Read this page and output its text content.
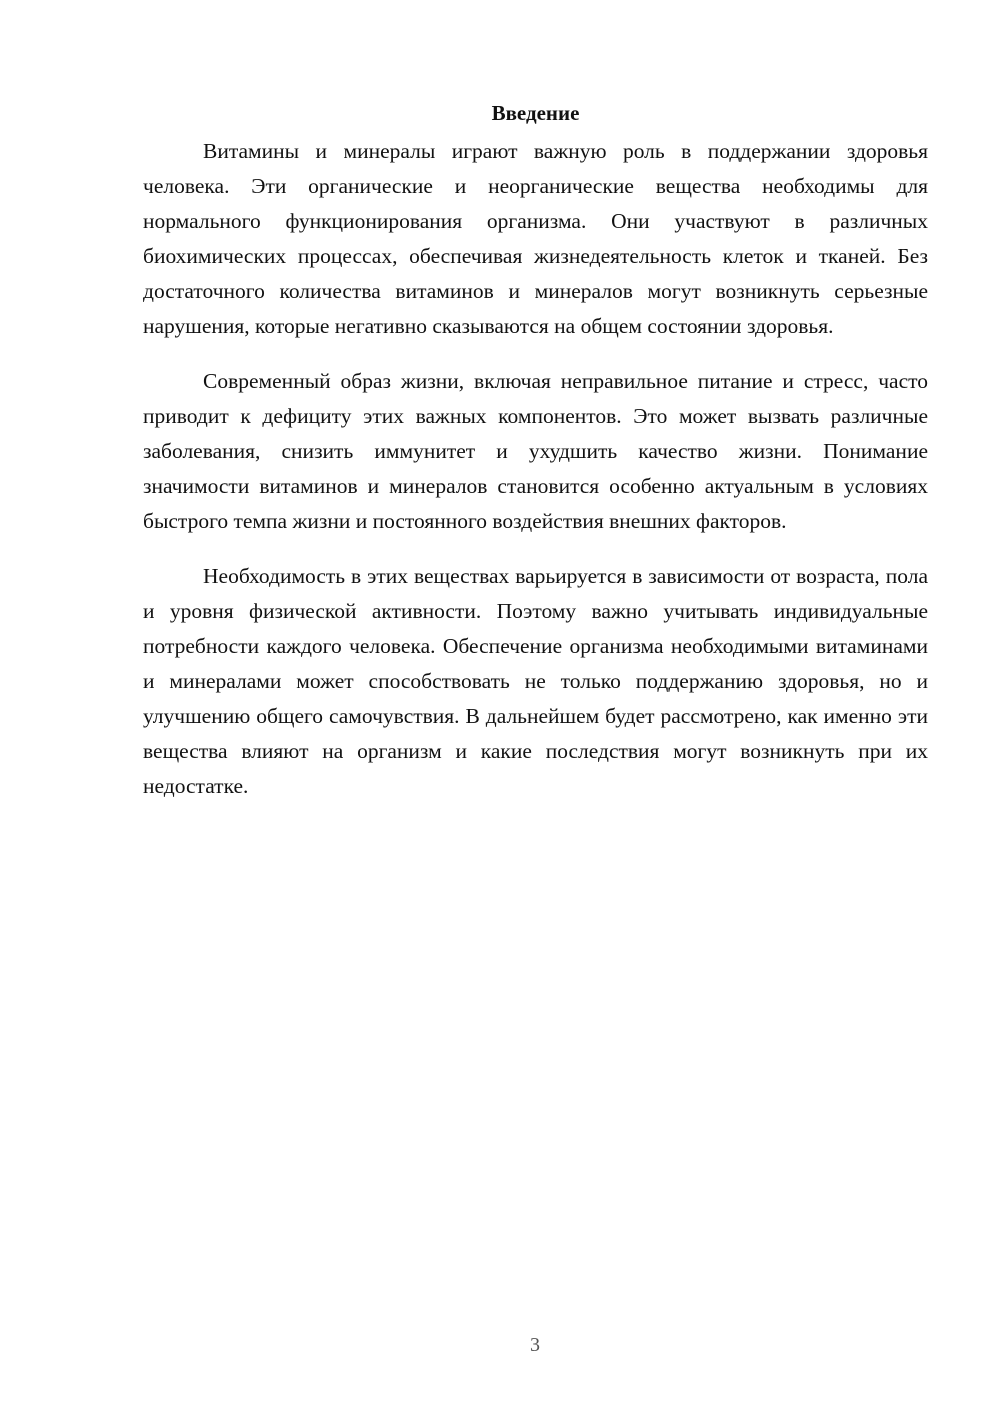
Введение

Витамины и минералы играют важную роль в поддержании здоровья человека. Эти органические и неорганические вещества необходимы для нормального функционирования организма. Они участвуют в различных биохимических процессах, обеспечивая жизнедеятельность клеток и тканей. Без достаточного количества витаминов и минералов могут возникнуть серьезные нарушения, которые негативно сказываются на общем состоянии здоровья.

Современный образ жизни, включая неправильное питание и стресс, часто приводит к дефициту этих важных компонентов. Это может вызвать различные заболевания, снизить иммунитет и ухудшить качество жизни. Понимание значимости витаминов и минералов становится особенно актуальным в условиях быстрого темпа жизни и постоянного воздействия внешних факторов.

Необходимость в этих веществах варьируется в зависимости от возраста, пола и уровня физической активности. Поэтому важно учитывать индивидуальные потребности каждого человека. Обеспечение организма необходимыми витаминами и минералами может способствовать не только поддержанию здоровья, но и улучшению общего самочувствия. В дальнейшем будет рассмотрено, как именно эти вещества влияют на организм и какие последствия могут возникнуть при их недостатке.

3
